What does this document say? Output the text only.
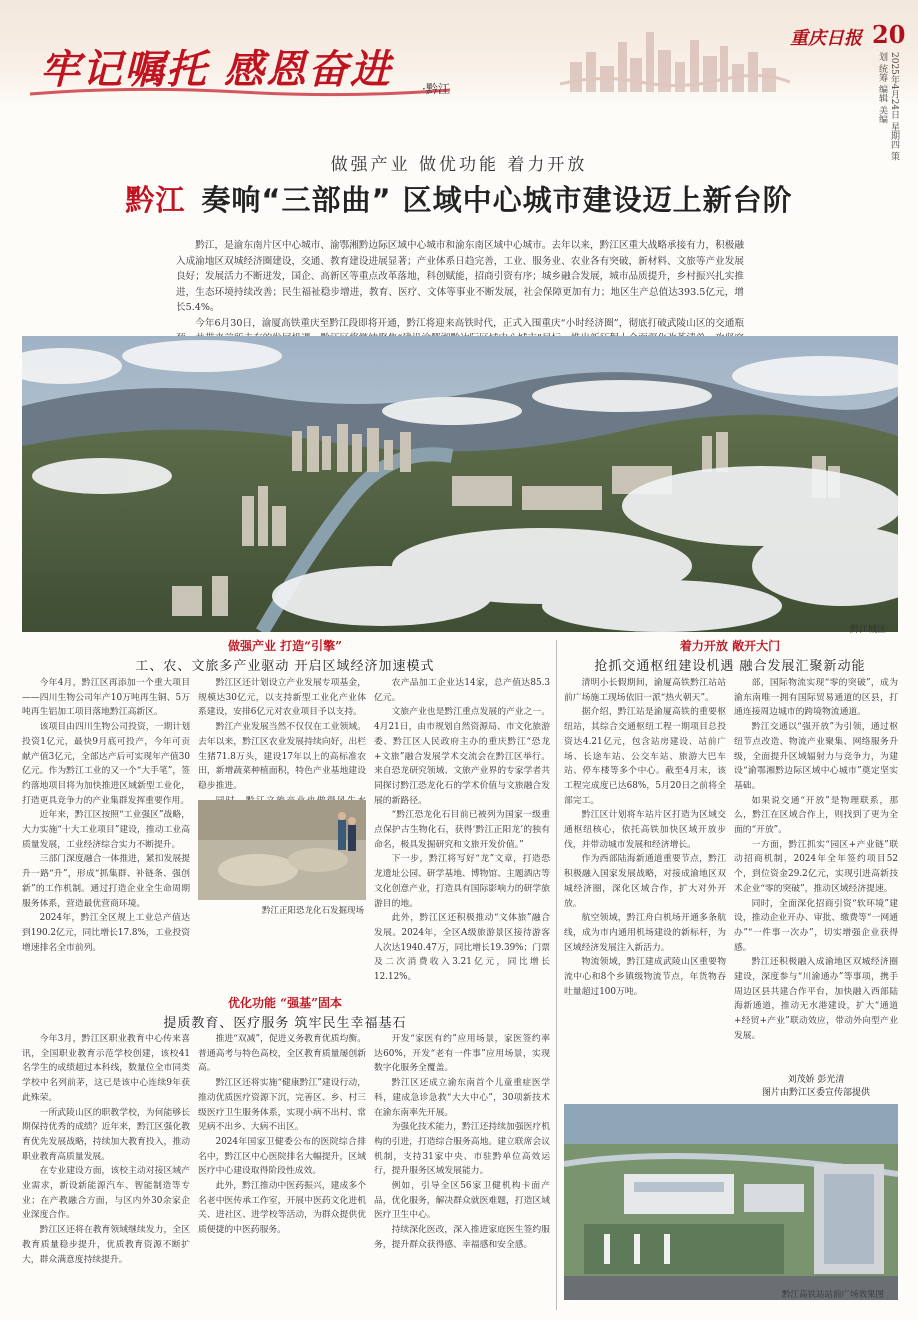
牢记嘱托 感恩奋进	·黔江
重庆日报 20
2025年4月24日 星期四 策划 统筹 编辑 美编
做强产业 做优功能 着力开放
黔江 奏响“三部曲” 区域中心城市建设迈上新台阶

黔江，是渝东南片区中心城市、渝鄂湘黔边际区域中心城市和渝东南区域中心城市。去年以来，黔江区重大战略承接有力，积极融入成渝地区双城经济圈建设，交通、教育建设进展显著；产业体系日趋完善，工业、服务业、农业各有突破，新材料、文旅等产业发展良好；发展活力不断迸发，国企、高新区等重点改革落地，科创赋能，招商引资有序；城乡融合发展，城市品质提升，乡村振兴扎实推进，生态环境持续改善；民生福祉稳步增进，教育、医疗、文体等事业不断发展，社会保障更加有力；地区生产总值达393.5亿元，增长5.4%。

今年6月30日，渝厦高铁重庆至黔江段即将开通，黔江将迎来高铁时代，正式入围重庆“小时经济圈”，彻底打破武陵山区的交通瓶

黔江城区
做强产业 打造“引擎”
工、农、文旅多产业驱动 开启区域经济加速模式

今年4月，黔江区再添加一个重大项目——四川生物公司年产10万吨再生铜、5万吨再生铝加工项目落地黔江高新区。

该项目由四川生物公司投资，一期计划投资1亿元，最快9月底可投产，今年可贡献产值3亿元，全部达产后可实现年产值30亿元。作为黔江工业的又一个“大手笔”，签约落地项目将为加快推进区域新型工业化，打造更具竞争力的产业集群发挥重要作用。

近年来，黔江区按照“工业强区”战略，大力实施“十大工业项目”建设，推动工业高质量发展，工业经济综合实力不断提升。

三部门深度融合一体推进，紧扣发展提升一路“升”，形成“抓集群、补链条、强创新”的工作机制。通过打造企业全生命周期服务体系，营造最优营商环境。

2024年，黔江全区规上工业总产值达到190.2亿元，同比增长17.8%，工业投资增速排名全市前列。

黔江区还计划设立产业发展专项基金，规模达30亿元，以支持新型工业化产业体系建设，安排6亿元对农业项目予以支持。

黔江产业发展当然不仅仅在工业领域。去年以来，黔江区农业发展持续向好，出栏生猪71.8万头，建设17年以上的高标准农田，新增蔬菜种植面积，特色产业基地建设稳步推进。

黔江正阳恐龙化石发掘现场

农产品加工企业达14家，总产值达85.3亿元。

文旅产业也是黔江重点发展的产业之一。4月21日，由市规划自然资源局、市文化旅游委、黔江区人民政府主办的重庆黔江“恐龙+文旅”融合发展学术交流会在黔江区举行。来自恐龙研究领域、文旅产业界的专家学者共同探讨黔江恐龙化石的学术价值与文旅融合发展的新路径。

“黔江恐龙化石目前已被列为国家一级重点保护古生物化石，获得‘黔江正阳龙’的独有命名，极具发掘研究和文旅开发价值。”

下一步，黔江将写好“龙”文章，打造恐龙遗址公园、研学基地、博物馆、主题酒店等文化创意产业，打造具有国际影响力的研学旅游目的地。

此外，黔江区还积极推动“文体旅”融合发展。2024年，全区A级旅游景区接待游客人次达1940.47万，同比增长19.39%；门票及二次消费收入3.21亿元，同比增长12.12%。

优化功能 “强基”固本
提质教育、医疗服务 筑牢民生幸福基石

今年3月，黔江区职业教育中心传来喜讯，全国职业教育示范学校创建，该校41名学生的成绩超过本科线，数量位全市同类学校中名列前茅，这已是该中心连续9年获此殊荣。

一所武陵山区的职教学校，为何能够长期保持优秀的成绩？近年来，黔江区强化教育优先发展战略，持续加大教育投入，推动职业教育高质量发展。

在专业建设方面，该校主动对接区域产业需求，新设新能源汽车、智能制造等专业；在产教融合方面，与区内外30余家企业深度合作。

黔江区还将在教育领域继续发力，全区教育质量稳步提升，优质教育资源不断扩大，群众满意度持续提升。

推进“双减”，促进义务教育优质均衡。普通高考与特色高校，全区教育质量屡创新高。

黔江区还将实施“健康黔江”建设行动，推动优质医疗资源下沉，完善区、乡、村三级医疗卫生服务体系，实现小病不出村、常见病不出乡、大病不出区。

2024年国家卫健委公布的医院综合排名中，黔江区中心医院排名大幅提升，区域医疗中心建设取得阶段性成效。

此外，黔江推动中医药振兴，建成多个名老中医传承工作室，开展中医药文化进机关、进社区、进学校等活动，为群众提供优质便捷的中医药服务。

开发“家医有约”应用场景，家医签约率达60%，开发“老有一件事”应用场景，实现数字化服务全覆盖。

黔江区还成立渝东南首个儿童重症医学科，建成急诊急救“大大中心”，30项新技术在渝东南率先开展。

为强化技术能力，黔江还持续加强医疗机构的引进，打造综合服务高地。建立联席会议机制，支持31家中央、市驻黔单位高效运行，提升服务区域发展能力。

例如，引导全区56家卫健机构卡面产品，优化服务，解决群众就医难题，打造区域医疗卫生中心。

持续深化医改，深入推进家庭医生签约服务，提升群众获得感、幸福感和安全感。

着力开放 敞开大门
抢抓交通枢纽建设机遇 融合发展汇聚新动能

清明小长假期间，渝厦高铁黔江站站前广场施工现场依旧一派“热火朝天”。

据介绍，黔江站是渝厦高铁的重要枢纽站，其综合交通枢纽工程一期项目总投资达4.21亿元，包含站房建设、站前广场、长途车站、公交车站、旅游大巴车站、停车楼等多个中心。截至4月末，该工程完成度已达68%，5月20日之前将全部完工。

黔江区计划将车站片区打造为区域交通枢纽核心，依托高铁加快区域开放步伐，并带动城市发展和经济增长。

作为西部陆海新通道重要节点，黔江积极融入国家发展战略，对接成渝地区双城经济圈，深化区域合作，扩大对外开放。

航空领域，黔江舟白机场开通多条航线，成为市内通用机场建设的新标杆，为区域经济发展注入新活力。

物流领域，黔江建成武陵山区重要物流中心和8个乡镇级物流节点，年货物吞吐量超过100万吨。

部，国际物流实现“零的突破”，成为渝东南唯一拥有国际贸易通道的区县，打通连接周边城市的跨境物流通道。

黔江交通以“强开放”为引领，通过枢纽节点改造、物流产业聚集、网络服务升级，全面提升区域辐射力与竞争力，为建设“渝鄂湘黔边际区域中心城市”奠定坚实基础。

如果说交通“开放”是物理联系，那么，黔江在区域合作上，则找到了更为全面的“开放”。

一方面，黔江抓实“园区+产业链”联动招商机制，2024年全年签约项目52个，到位资金29.2亿元，实现引进高新技术企业“零的突破”，推动区域经济提速。

同时，全面深化招商引资“软环境”建设，推动企业开办、审批、缴费等“一网通办”“一件事一次办”，切实增强企业获得感。

黔江还积极融入成渝地区双城经济圈建设，深度参与“川渝通办”等事项，携手周边区县共建合作平台，加快融入西部陆海新通道，推动无水港建设，扩大“通道+经贸+产业”联动效应，带动外向型产业发展。

刘茂娇 彭光清
图片由黔江区委宣传部提供
黔江高铁站站前广场效果图
